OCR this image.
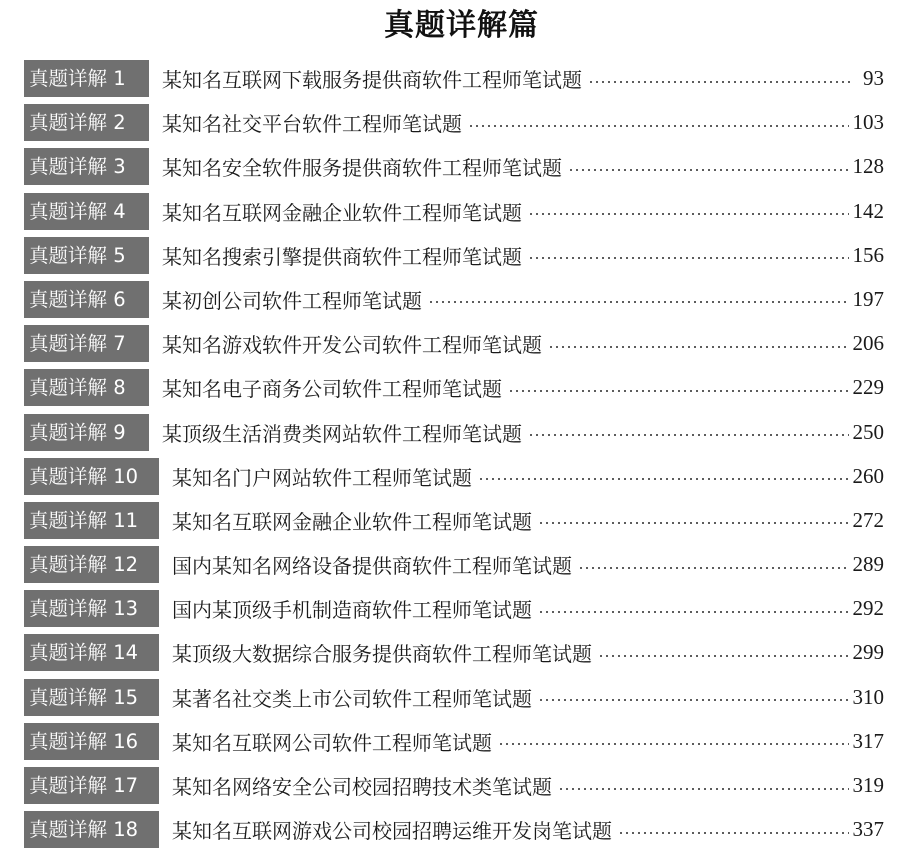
真题详解篇
真题详解 1	某知名互联网下载服务提供商软件工程师笔试题	93
真题详解 2	某知名社交平台软件工程师笔试题	103
真题详解 3	某知名安全软件服务提供商软件工程师笔试题	128
真题详解 4	某知名互联网金融企业软件工程师笔试题	142
真题详解 5	某知名搜索引擎提供商软件工程师笔试题	156
真题详解 6	某初创公司软件工程师笔试题	197
真题详解 7	某知名游戏软件开发公司软件工程师笔试题	206
真题详解 8	某知名电子商务公司软件工程师笔试题	229
真题详解 9	某顶级生活消费类网站软件工程师笔试题	250
真题详解 10	某知名门户网站软件工程师笔试题	260
真题详解 11	某知名互联网金融企业软件工程师笔试题	272
真题详解 12	国内某知名网络设备提供商软件工程师笔试题	289
真题详解 13	国内某顶级手机制造商软件工程师笔试题	292
真题详解 14	某顶级大数据综合服务提供商软件工程师笔试题	299
真题详解 15	某著名社交类上市公司软件工程师笔试题	310
真题详解 16	某知名互联网公司软件工程师笔试题	317
真题详解 17	某知名网络安全公司校园招聘技术类笔试题	319
真题详解 18	某知名互联网游戏公司校园招聘运维开发岗笔试题	337
